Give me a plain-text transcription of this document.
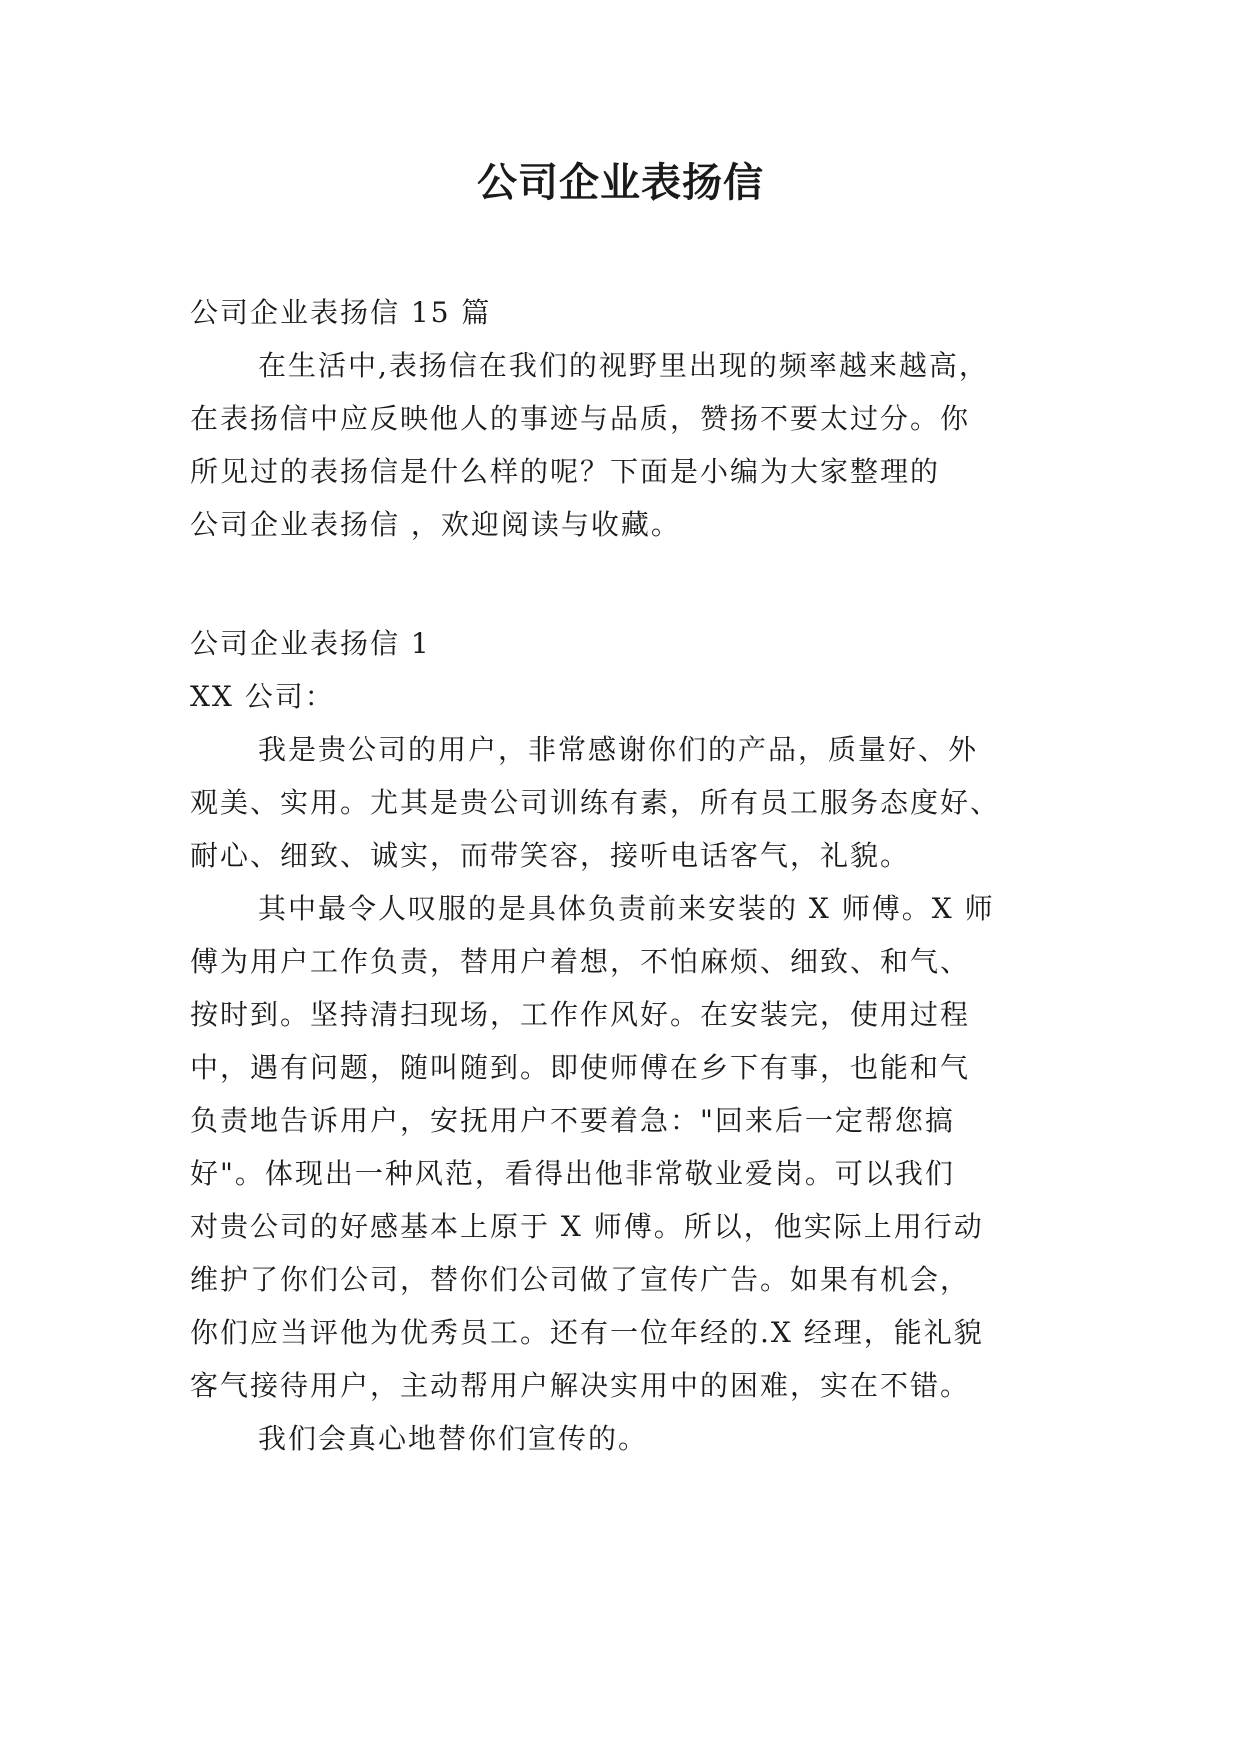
公司企业表扬信
公司企业表扬信 15 篇
在生活中,表扬信在我们的视野里出现的频率越来越高，
在表扬信中应反映他人的事迹与品质，赞扬不要太过分。你
所见过的表扬信是什么样的呢？下面是小编为大家整理的
公司企业表扬信 ，欢迎阅读与收藏。
公司企业表扬信 1
XX 公司：
我是贵公司的用户，非常感谢你们的产品，质量好、外
观美、实用。尤其是贵公司训练有素，所有员工服务态度好、
耐心、细致、诚实，而带笑容，接听电话客气，礼貌。
其中最令人叹服的是具体负责前来安装的 X 师傅。X 师
傅为用户工作负责，替用户着想，不怕麻烦、细致、和气、
按时到。坚持清扫现场，工作作风好。在安装完，使用过程
中，遇有问题，随叫随到。即使师傅在乡下有事，也能和气
负责地告诉用户，安抚用户不要着急："回来后一定帮您搞
好"。体现出一种风范，看得出他非常敬业爱岗。可以我们
对贵公司的好感基本上原于 X 师傅。所以，他实际上用行动
维护了你们公司，替你们公司做了宣传广告。如果有机会，
你们应当评他为优秀员工。还有一位年经的.X 经理，能礼貌
客气接待用户，主动帮用户解决实用中的困难，实在不错。
我们会真心地替你们宣传的。
